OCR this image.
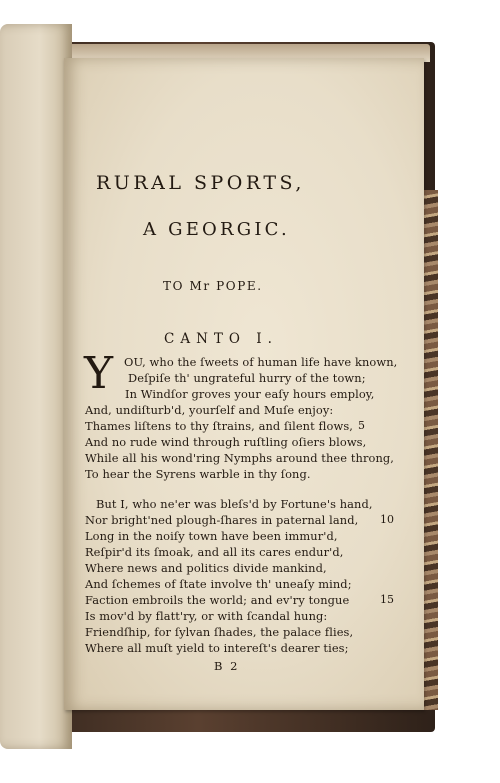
RURAL SPORTS,
A GEORGIC.
TO Mr POPE.
CANTO I.
Y OU, who the ſweets of human life have known,
Deſpiſe th' ungrateful hurry of the town;
In Windſor groves your eaſy hours employ,
And, undiſturb'd, yourſelf and Muſe enjoy:
Thames liſtens to thy ſtrains, and ſilent flows,
And no rude wind through ruſtling oſiers blows,
While all his wond'ring Nymphs around thee throng,
To hear the Syrens warble in thy ſong.
But I, who ne'er was bleſs'd by Fortune's hand,
Nor bright'ned plough-ſhares in paternal land,
Long in the noiſy town have been immur'd,
Reſpir'd its ſmoak, and all its cares endur'd,
Where news and politics divide mankind,
And ſchemes of ſtate involve th' uneaſy mind;
Faction embroils the world; and ev'ry tongue
Is mov'd by flatt'ry, or with ſcandal hung:
Friendſhip, for ſylvan ſhades, the palace flies,
Where all muſt yield to intereſt's dearer ties;
5
10
15
B 2
